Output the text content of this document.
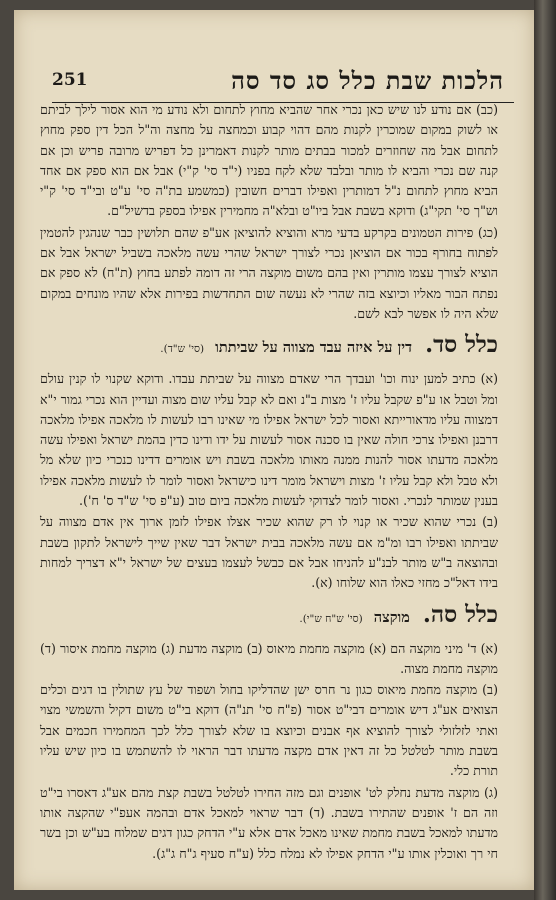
251	הלכות שבת כלל סג סד סה

(כב) אם נודע לנו שיש כאן נכרי אחר שהביא מחוץ לתחום ולא נודע מי הוא אסור לילך לביתם או לשוק במקום שמוכרין לקנות מהם דהוי קבוע וכמחצה על מחצה וה"ל הכל דין ספק מחוץ לתחום אבל מה שחוזרים למכור בבתים מותר לקנות דאמרינן כל דפריש מרובה פריש וכן אם קנה שם נכרי והביא לו מותר ובלבד שלא לקח בפניו (י"ד סי' ק"י) אבל אם הוא ספק אם אחד הביא מחוץ לתחום נ"ל דמותרין ואפילו דברים חשובין (כמשמע בת"ה סי' ע"ט ובי"ד סי' ק"י וש"ך סי' תקי"ג) ודוקא בשבת אבל ביו"ט ובלא"ה מחמירין אפילו בספק בדשיל"ם.

(כג) פירות הטמונים בקרקע בדעי מרא והוציא להוציאן אע"פ שהם תלושין כבר שנהגין להטמין לפתוח בחורף בכור אם הוציאן נכרי לצורך ישראל שהרי עשה מלאכה בשביל ישראל אבל אם הוציא לצורך עצמו מותרין ואין בהם משום מוקצה הרי זה דומה לפתע בחוץ (ת"ח) לא ספק אם נפתח הבור מאליו וכיוצא בזה שהרי לא נעשה שום התחדשות בפירות אלא שהיו מונחים במקום שלא היה לו אפשר לבא לשם.

כלל סד. דין על איזה עבד מצווה על שביתתו (סי' ש"ד).

(א) כתיב למען ינוח וכו' ועבדך הרי שאדם מצווה על שביתת עבדו. ודוקא שקנוי לו קנין עולם ומל וטבל או ע"פ שקבל עליו ז' מצות ב"נ ואם לא קבל עליו שום מצוה ועדיין הוא נכרי גמור י"א דמצווה עליו מדאורייתא ואסור לכל ישראל אפילו מי שאינו רבו לעשות לו מלאכה אפילו מלאכה דרבנן ואפילו צרכי חולה שאין בו סכנה אסור לעשות על ידו ודינו כדין בהמת ישראל ואפילו עשה מלאכה מדעתו אסור להנות ממנה מאותו מלאכה בשבת ויש אומרים דדינו כנכרי כיון שלא מל ולא טבל ולא קבל עליו ז' מצות וישראל מומר דינו כישראל ואסור לומר לו לעשות מלאכה אפילו בענין שמותר לנכרי. ואסור לומר לצדוקי לעשות מלאכה ביום טוב (ע"פ סי' ש"ד ס' ח').

(ב) נכרי שהוא שכיר או קנוי לו רק שהוא שכיר אצלו אפילו לזמן ארוך אין אדם מצווה על שביתתו ואפילו רבו ומ"מ אם עשה מלאכה בבית ישראל דבר שאין שייך לישראל לתקון בשבת ובהוצאה ב"ש מותר לבנ"ע להניחו אבל אם כבשל לעצמו בעצים של ישראל י"א דצריך למחות בידו דאל"כ מחזי כאלו הוא שלוחו (א).

כלל סה. מוקצה (סי' ש"ח ש"י).

(א) ד' מיני מוקצה הם (א) מוקצה מחמת מיאוס (ב) מוקצה מדעת (ג) מוקצה מחמת איסור (ד) מוקצה מחמת מצוה.

(ב) מוקצה מחמת מיאוס כגון נר חרס ישן שהדליקו בחול ושפוד של עץ שתולין בו דגים וכלים הצואים אע"ג דיש אומרים דבי"ט אסור (פ"ח סי' תנ"ה) דוקא בי"ט משום דקיל והשמשי מצוי ואתי לזלזולי לצורך להוציא אף אבנים וכיוצא בו שלא לצורך כלל לכך המחמירו חכמים אבל בשבת מותר לטלטל כל זה דאין אדם מקצה מדעתו דבר הראוי לו להשתמש בו כיון שיש עליו תורת כלי.

(ג) מוקצה מדעת נחלק לט' אופנים וגם מזה החירו לטלטל בשבת קצת מהם אע"ג דאסרו בי"ט וזה הם ז' אופנים שהתירו בשבת. (ד) דבר שראוי למאכל אדם ובהמה אעפ"י שהקצה אותו מדעתו למאכל בשבת מחמת שאינו מאכל אדם אלא ע"י הדחק כגון דגים שמלוח בע"ש וכן בשר חי רך ואוכלין אותו ע"י הדחק אפילו לא נמלח כלל (ע"ח סעיף ג"ח ג"ג).
